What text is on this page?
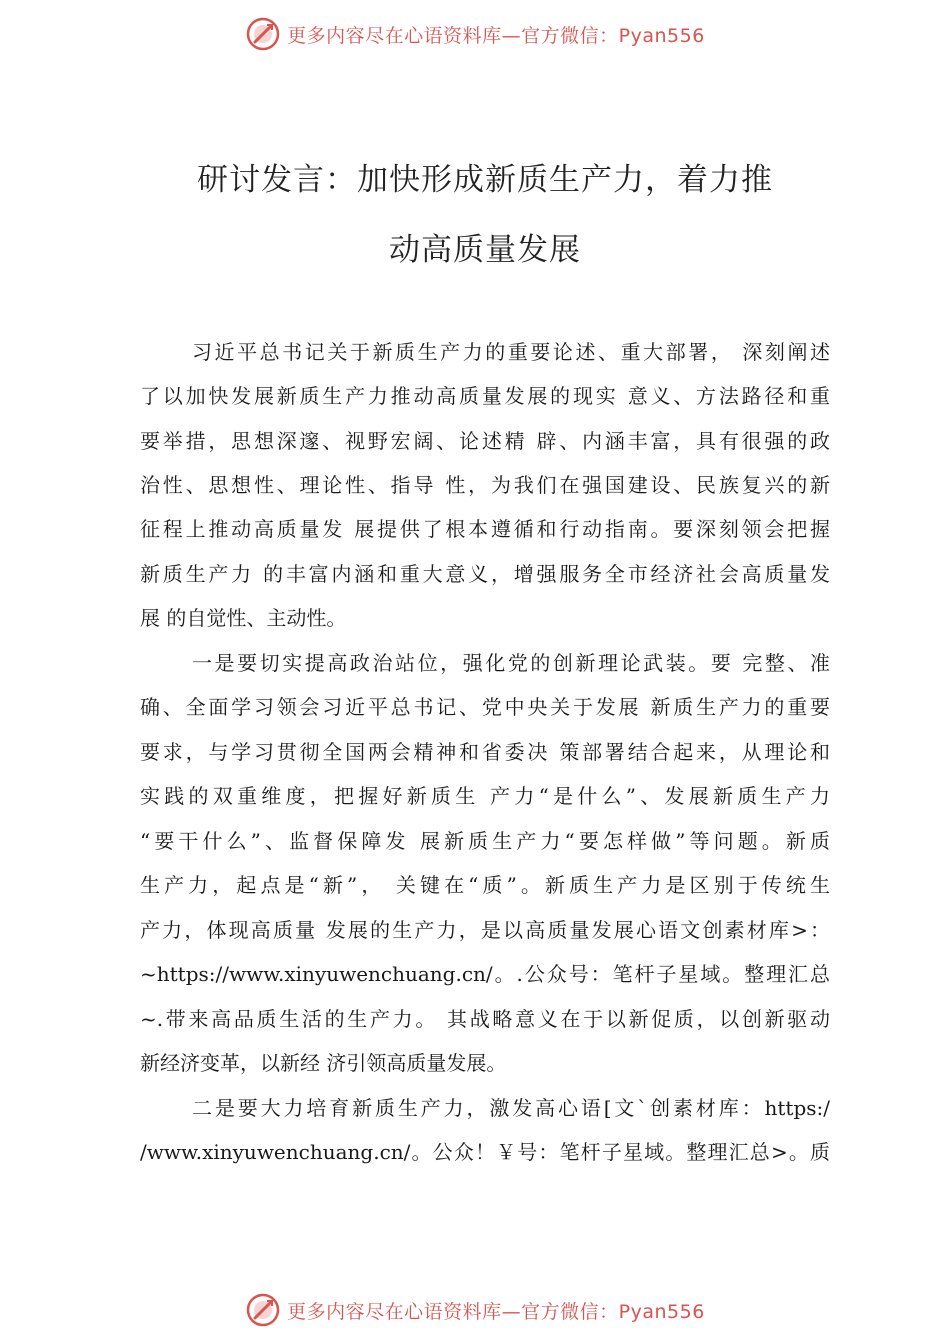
更多内容尽在心语资料库—官方微信：Pyan556
研讨发言：加快形成新质生产力，着力推
动高质量发展
习近平总书记关于新质生产力的重要论述、重大部署， 深刻阐述
了以加快发展新质生产力推动高质量发展的现实 意义、方法路径和重
要举措，思想深邃、视野宏阔、论述精 辟、内涵丰富，具有很强的政
治性、思想性、理论性、指导 性，为我们在强国建设、民族复兴的新
征程上推动高质量发 展提供了根本遵循和行动指南。要深刻领会把握
新质生产力 的丰富内涵和重大意义，增强服务全市经济社会高质量发
展 的自觉性、主动性。
一是要切实提高政治站位，强化党的创新理论武装。要 完整、准
确、全面学习领会习近平总书记、党中央关于发展 新质生产力的重要
要求，与学习贯彻全国两会精神和省委决 策部署结合起来，从理论和
实践的双重维度，把握好新质生 产力“是什么”、发展新质生产力
“要干什么”、监督保障发 展新质生产力“要怎样做”等问题。新质
生产力，起点是“新”， 关键在“质”。新质生产力是区别于传统生
产力，体现高质量 发展的生产力，是以高质量发展心语文创素材库>：
~https://www.xinyuwenchuang.cn/。.公众号：笔杆子星域。整理汇总
~.带来高品质生活的生产力。 其战略意义在于以新促质，以创新驱动
新经济变革，以新经 济引领高质量发展。
二是要大力培育新质生产力，激发高心语[文`创素材库：https:/
/www.xinyuwenchuang.cn/。公众！￥号：笔杆子星域。整理汇总>。质
更多内容尽在心语资料库—官方微信：Pyan556
